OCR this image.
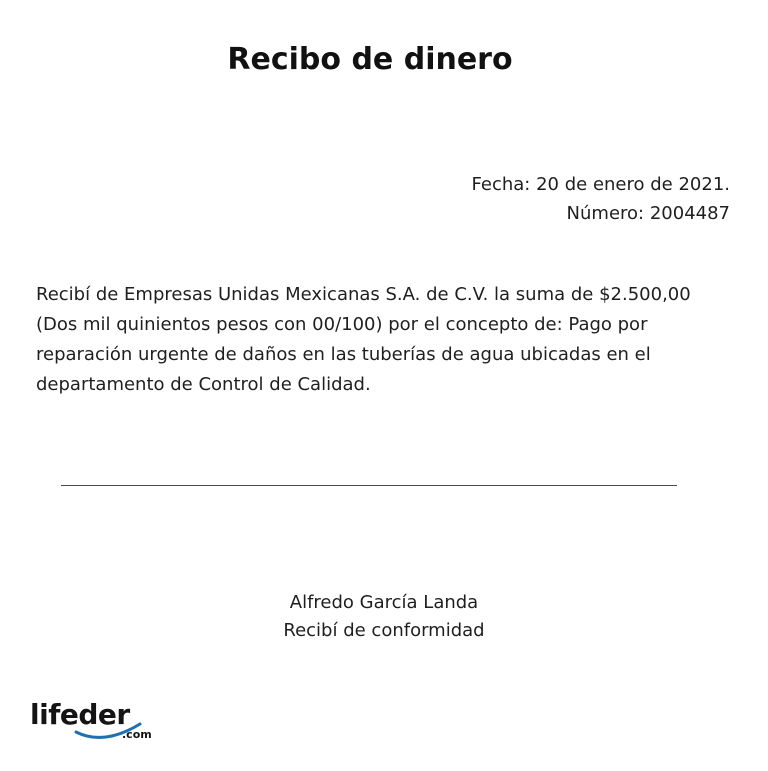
Recibo de dinero
Fecha: 20 de enero de 2021.
Número: 2004487

Recibí de Empresas Unidas Mexicanas S.A. de C.V. la suma de $2.500,00 (Dos mil quinientos pesos con 00/100) por el concepto de: Pago por reparación urgente de daños en las tuberías de agua ubicadas en el departamento de Control de Calidad.

Alfredo García Landa
Recibí de conformidad
lifeder
.com
